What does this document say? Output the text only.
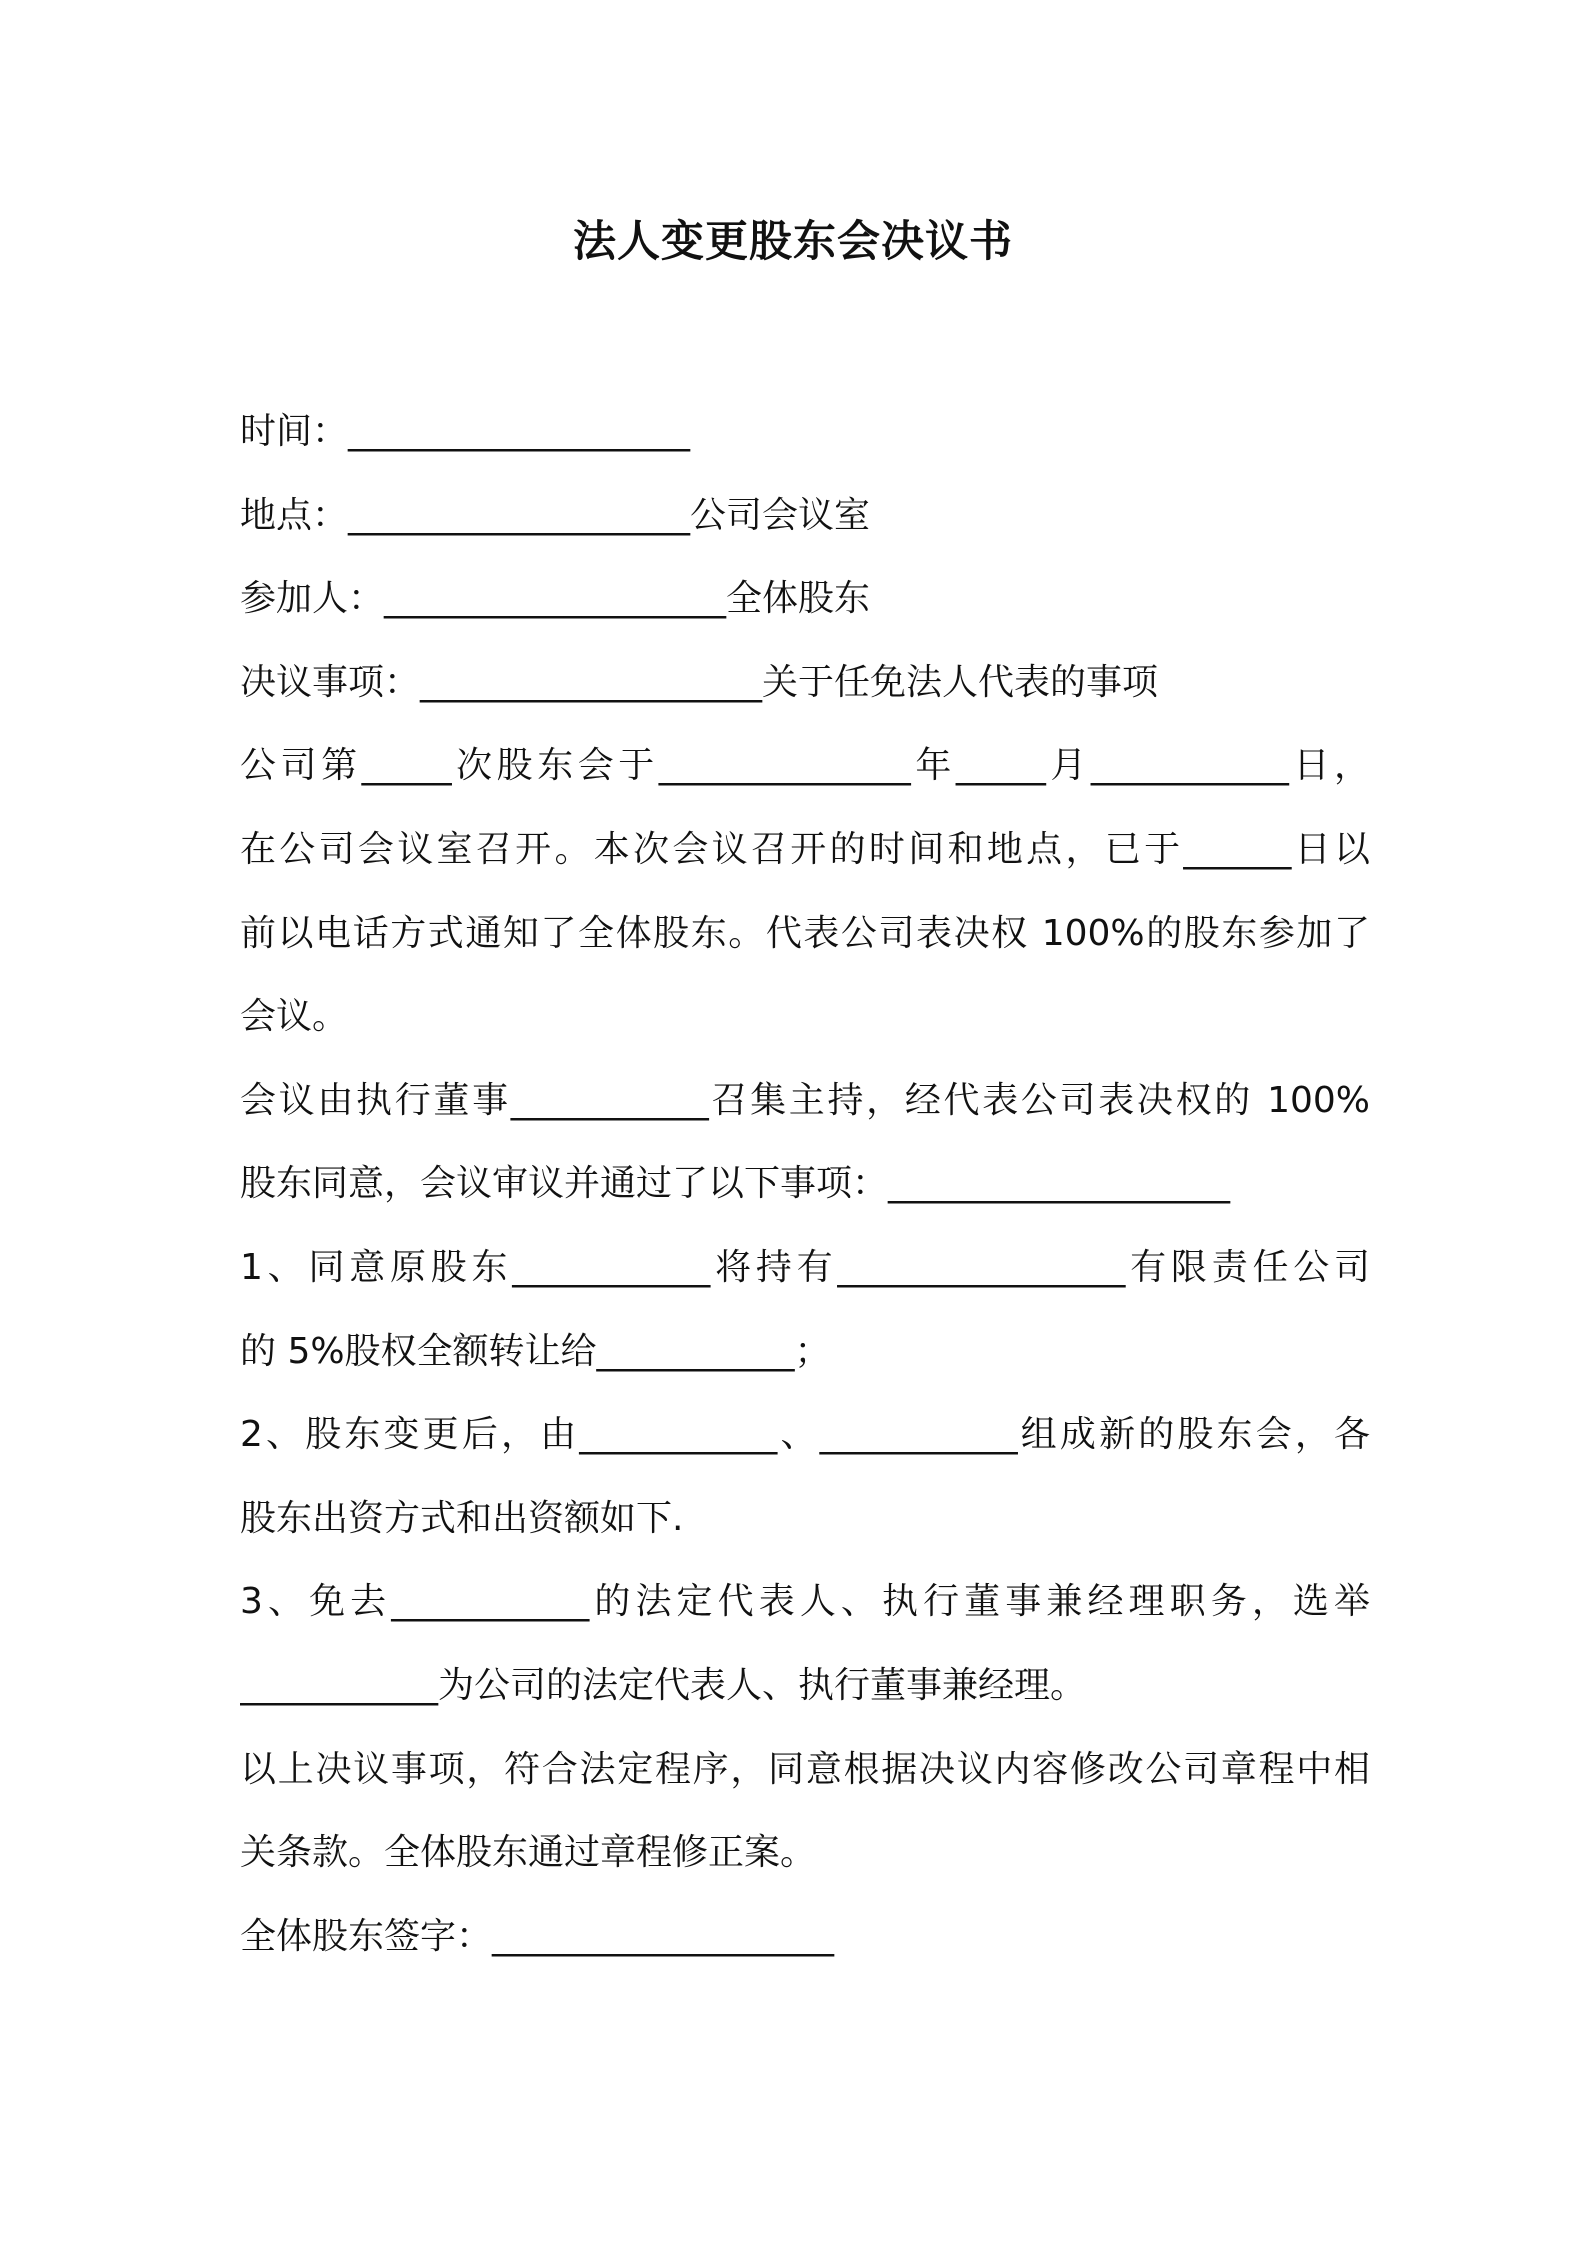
法人变更股东会决议书
时间：___________________
地点：___________________公司会议室
参加人：___________________全体股东
决议事项：___________________关于任免法人代表的事项
公司第_____次股东会于______________年_____月___________日，
在公司会议室召开。本次会议召开的时间和地点，已于______日以
前以电话方式通知了全体股东。代表公司表决权 100%的股东参加了
会议。
会议由执行董事___________召集主持，经代表公司表决权的 100%
股东同意，会议审议并通过了以下事项：___________________
1、同意原股东___________将持有________________有限责任公司
的 5%股权全额转让给___________；
2、股东变更后，由___________、___________组成新的股东会，各
股东出资方式和出资额如下.
3、免去___________的法定代表人、执行董事兼经理职务，选举
___________为公司的法定代表人、执行董事兼经理。
以上决议事项，符合法定程序，同意根据决议内容修改公司章程中相
关条款。全体股东通过章程修正案。
全体股东签字：___________________
